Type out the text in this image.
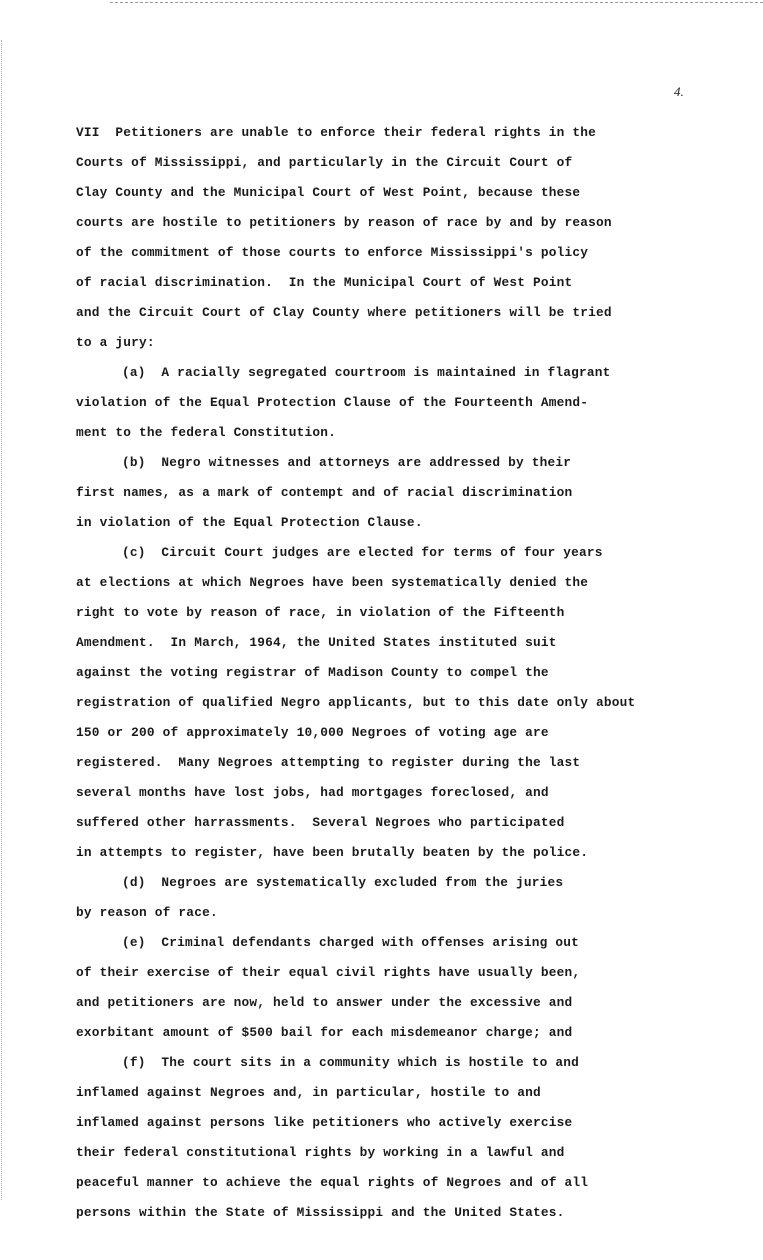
4.
VII  Petitioners are unable to enforce their federal rights in the
Courts of Mississippi, and particularly in the Circuit Court of
Clay County and the Municipal Court of West Point, because these
courts are hostile to petitioners by reason of race by and by reason
of the commitment of those courts to enforce Mississippi's policy
of racial discrimination.  In the Municipal Court of West Point
and the Circuit Court of Clay County where petitioners will be tried
to a jury:
(a)  A racially segregated courtroom is maintained in flagrant
violation of the Equal Protection Clause of the Fourteenth Amend-
ment to the federal Constitution.
(b)  Negro witnesses and attorneys are addressed by their
first names, as a mark of contempt and of racial discrimination
in violation of the Equal Protection Clause.
(c)  Circuit Court judges are elected for terms of four years
at elections at which Negroes have been systematically denied the
right to vote by reason of race, in violation of the Fifteenth
Amendment.  In March, 1964, the United States instituted suit
against the voting registrar of Madison County to compel the
registration of qualified Negro applicants, but to this date only about
150 or 200 of approximately 10,000 Negroes of voting age are
registered.  Many Negroes attempting to register during the last
several months have lost jobs, had mortgages foreclosed, and
suffered other harrassments.  Several Negroes who participated
in attempts to register, have been brutally beaten by the police.
(d)  Negroes are systematically excluded from the juries
by reason of race.
(e)  Criminal defendants charged with offenses arising out
of their exercise of their equal civil rights have usually been,
and petitioners are now, held to answer under the excessive and
exorbitant amount of $500 bail for each misdemeanor charge; and
(f)  The court sits in a community which is hostile to and
inflamed against Negroes and, in particular, hostile to and
inflamed against persons like petitioners who actively exercise
their federal constitutional rights by working in a lawful and
peaceful manner to achieve the equal rights of Negroes and of all
persons within the State of Mississippi and the United States.
